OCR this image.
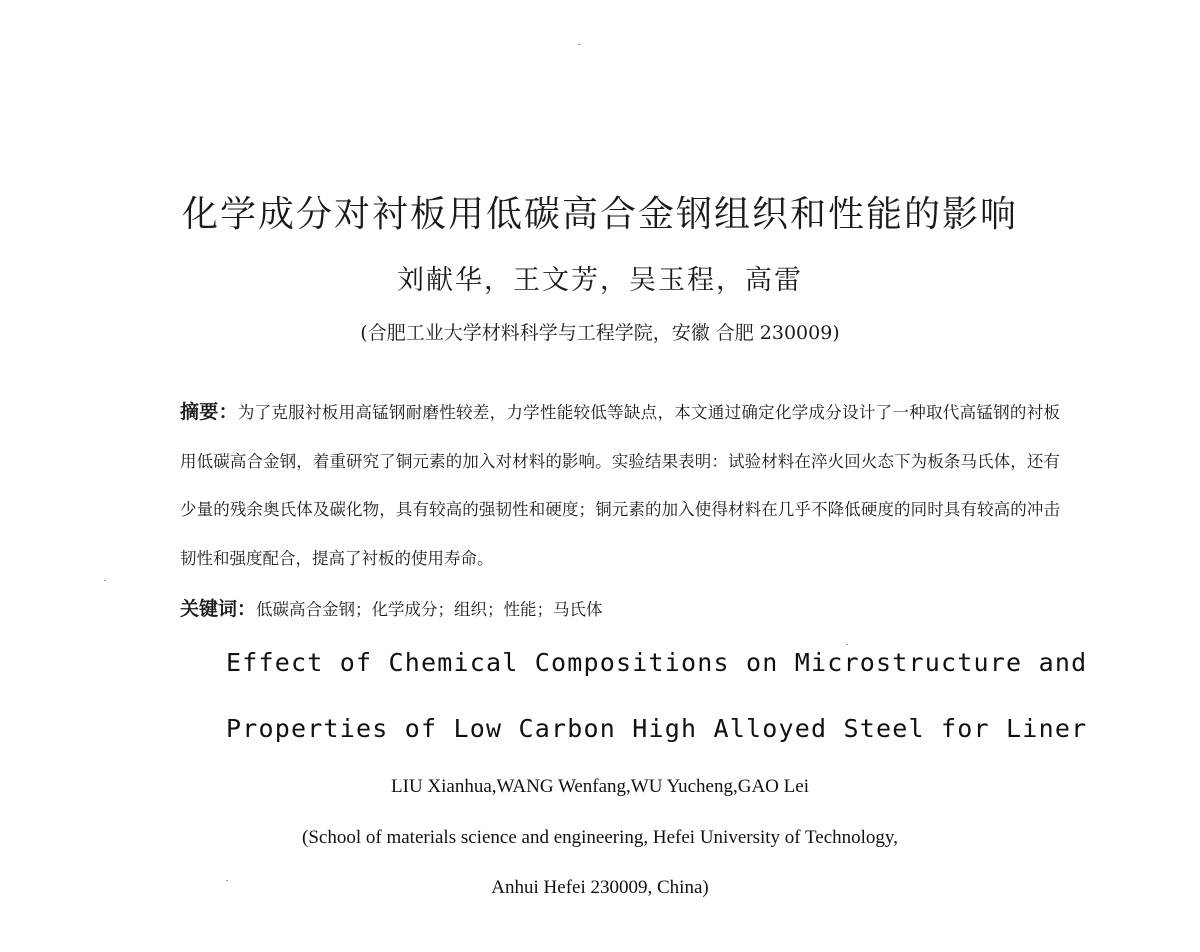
化学成分对衬板用低碳高合金钢组织和性能的影响
刘献华，王文芳，吴玉程，高雷
(合肥工业大学材料科学与工程学院，安徽 合肥 230009)
摘要：为了克服衬板用高锰钢耐磨性较差，力学性能较低等缺点，本文通过确定化学成分设计了一种取代高锰钢的衬板用低碳高合金钢，着重研究了铜元素的加入对材料的影响。实验结果表明：试验材料在淬火回火态下为板条马氏体，还有少量的残余奥氏体及碳化物，具有较高的强韧性和硬度；铜元素的加入使得材料在几乎不降低硬度的同时具有较高的冲击韧性和强度配合，提高了衬板的使用寿命。
关键词：低碳高合金钢；化学成分；组织；性能；马氏体
Effect of Chemical Compositions on Microstructure and
Properties of Low Carbon High Alloyed Steel for Liner
LIU Xianhua,WANG Wenfang,WU Yucheng,GAO Lei
(School of materials science and engineering, Hefei University of Technology,
Anhui Hefei 230009, China)
